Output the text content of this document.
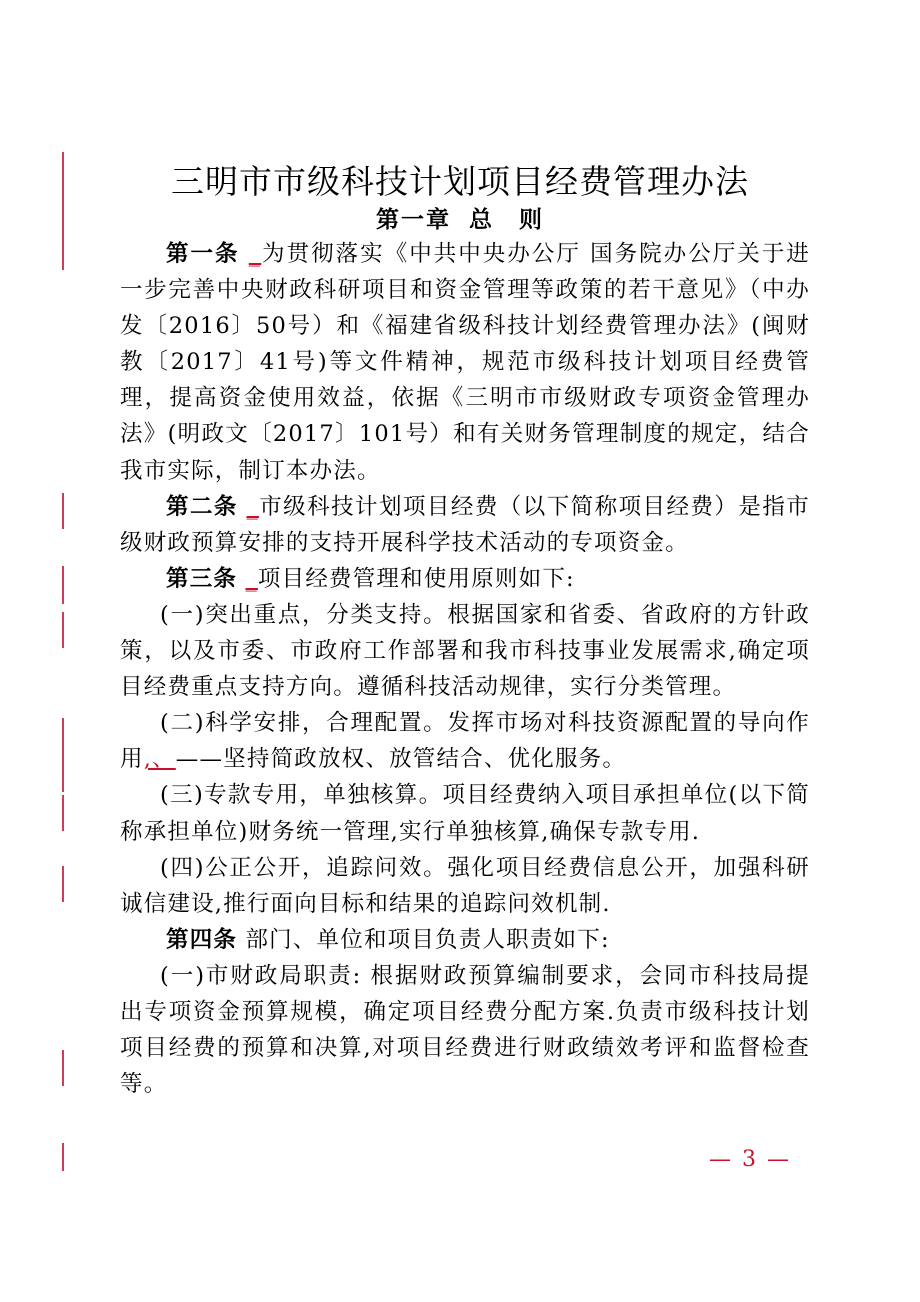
三明市市级科技计划项目经费管理办法
第一章 总　则

第一条 _为贯彻落实《中共中央办公厅 国务院办公厅关于进一步完善中央财政科研项目和资金管理等政策的若干意见》（中办发〔2016〕50号）和《福建省级科技计划经费管理办法》(闽财教〔2017〕41号)等文件精神，规范市级科技计划项目经费管理，提高资金使用效益，依据《三明市市级财政专项资金管理办法》(明政文〔2017〕101号）和有关财务管理制度的规定，结合我市实际，制订本办法。

第二条 _市级科技计划项目经费（以下简称项目经费）是指市级财政预算安排的支持开展科学技术活动的专项资金。

第三条 _项目经费管理和使用原则如下:

(一)突出重点，分类支持。根据国家和省委、省政府的方针政策，以及市委、市政府工作部署和我市科技事业发展需求,确定项目经费重点支持方向。遵循科技活动规律，实行分类管理。

(二)科学安排，合理配置。发挥市场对科技资源配置的导向作用,、——坚持简政放权、放管结合、优化服务。

(三)专款专用，单独核算。项目经费纳入项目承担单位(以下简称承担单位)财务统一管理,实行单独核算,确保专款专用.

(四)公正公开，追踪问效。强化项目经费信息公开，加强科研诚信建设,推行面向目标和结果的追踪问效机制.

第四条 部门、单位和项目负责人职责如下:

(一)市财政局职责: 根据财政预算编制要求，会同市科技局提出专项资金预算规模，确定项目经费分配方案.负责市级科技计划项目经费的预算和决算,对项目经费进行财政绩效考评和监督检查等。

— 3 —
